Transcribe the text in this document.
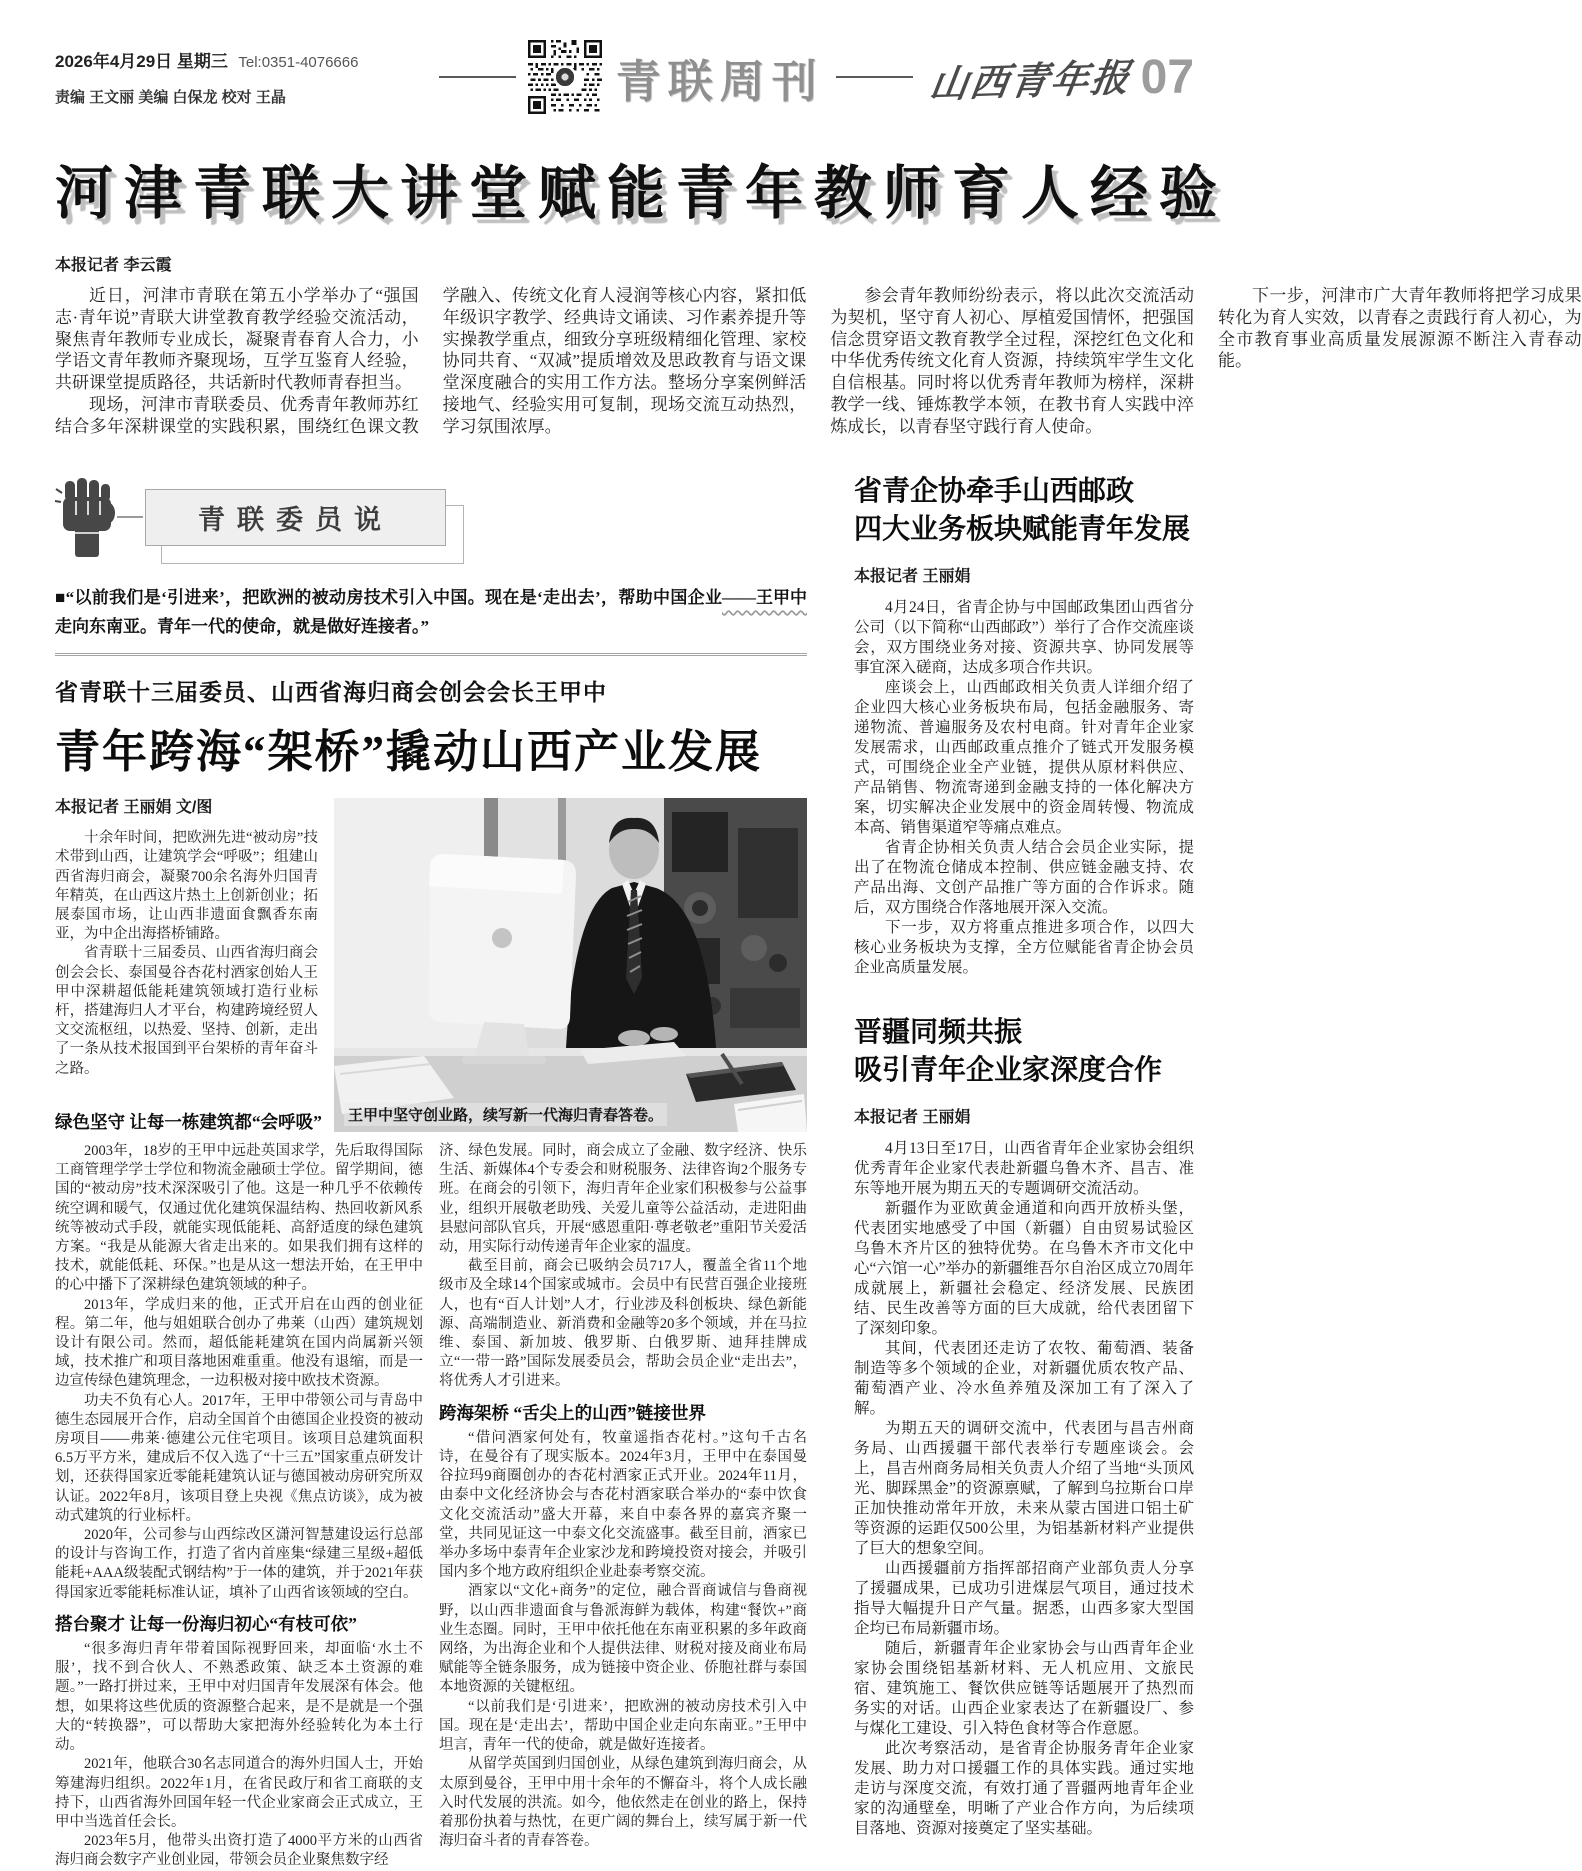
2026年4月29日 星期三 Tel:0351-4076666
责编 王文丽 美编 白保龙 校对 王晶	青联周刊	山西青年报 07
河津青联大讲堂赋能青年教师育人经验
本报记者 李云霞

近日，河津市青联在第五小学举办了“强国志·青年说”青联大讲堂教育教学经验交流活动，聚焦青年教师专业成长，凝聚青春育人合力，小学语文青年教师齐聚现场，互学互鉴育人经验，共研课堂提质路径，共话新时代教师青春担当。

现场，河津市青联委员、优秀青年教师苏红结合多年深耕课堂的实践积累，围绕红色课文教学融入、传统文化育人浸润等核心内容，紧扣低年级识字教学、经典诗文诵读、习作素养提升等实操教学重点，细致分享班级精细化管理、家校协同共育、“双减”提质增效及思政教育与语文课堂深度融合的实用工作方法。整场分享案例鲜活接地气、经验实用可复制，现场交流互动热烈，学习氛围浓厚。

参会青年教师纷纷表示，将以此次交流活动为契机，坚守育人初心、厚植爱国情怀，把强国信念贯穿语文教育教学全过程，深挖红色文化和中华优秀传统文化育人资源，持续筑牢学生文化自信根基。同时将以优秀青年教师为榜样，深耕教学一线、锤炼教学本领，在教书育人实践中淬炼成长，以青春坚守践行育人使命。

下一步，河津市广大青年教师将把学习成果转化为育人实效，以青春之责践行育人初心，为全市教育事业高质量发展源源不断注入青春动能。

青联委员说
——王甲中
■“以前我们是‘引进来’，把欧洲的被动房技术引入中国。现在是‘走出去’，帮助中国企业走向东南亚。青年一代的使命，就是做好连接者。”
省青联十三届委员、山西省海归商会创会会长王甲中
青年跨海“架桥”撬动山西产业发展
本报记者 王丽娟 文/图

十余年时间，把欧洲先进“被动房”技术带到山西，让建筑学会“呼吸”；组建山西省海归商会，凝聚700余名海外归国青年精英，在山西这片热土上创新创业；拓展泰国市场，让山西非遗面食飘香东南亚，为中企出海搭桥铺路。

省青联十三届委员、山西省海归商会创会会长、泰国曼谷杏花村酒家创始人王甲中深耕超低能耗建筑领域打造行业标杆，搭建海归人才平台，构建跨境经贸人文交流枢纽，以热爱、坚持、创新，走出了一条从技术报国到平台架桥的青年奋斗之路。

绿色坚守 让每一栋建筑都“会呼吸” 王甲中坚守创业路，续写新一代海归青春答卷。

2003年，18岁的王甲中远赴英国求学，先后取得国际工商管理学学士学位和物流金融硕士学位。留学期间，德国的“被动房”技术深深吸引了他。这是一种几乎不依赖传统空调和暖气，仅通过优化建筑保温结构、热回收新风系统等被动式手段，就能实现低能耗、高舒适度的绿色建筑方案。“我是从能源大省走出来的。如果我们拥有这样的技术，就能低耗、环保。”也是从这一想法开始，在王甲中的心中播下了深耕绿色建筑领域的种子。

2013年，学成归来的他，正式开启在山西的创业征程。第二年，他与姐姐联合创办了弗莱（山西）建筑规划设计有限公司。然而，超低能耗建筑在国内尚属新兴领域，技术推广和项目落地困难重重。他没有退缩，而是一边宣传绿色建筑理念，一边积极对接中欧技术资源。

功夫不负有心人。2017年，王甲中带领公司与青岛中德生态园展开合作，启动全国首个由德国企业投资的被动房项目——弗莱·德建公元住宅项目。该项目总建筑面积6.5万平方米，建成后不仅入选了“十三五”国家重点研发计划，还获得国家近零能耗建筑认证与德国被动房研究所双认证。2022年8月，该项目登上央视《焦点访谈》，成为被动式建筑的行业标杆。

2020年，公司参与山西综改区潇河智慧建设运行总部的设计与咨询工作，打造了省内首座集“绿建三星级+超低能耗+AAA级装配式钢结构”于一体的建筑，并于2021年获得国家近零能耗标准认证，填补了山西省该领域的空白。

搭台聚才 让每一份海归初心“有枝可依”

“很多海归青年带着国际视野回来，却面临‘水土不服’，找不到合伙人、不熟悉政策、缺乏本土资源的难题。”一路打拼过来，王甲中对归国青年发展深有体会。他想，如果将这些优质的资源整合起来，是不是就是一个强大的“转换器”，可以帮助大家把海外经验转化为本土行动。

2021年，他联合30名志同道合的海外归国人士，开始筹建海归组织。2022年1月，在省民政厅和省工商联的支持下，山西省海外回国年轻一代企业家商会正式成立，王甲中当选首任会长。

2023年5月，他带头出资打造了4000平方米的山西省海归商会数字产业创业园，带领会员企业聚焦数字经

济、绿色发展。同时，商会成立了金融、数字经济、快乐生活、新媒体4个专委会和财税服务、法律咨询2个服务专班。在商会的引领下，海归青年企业家们积极参与公益事业，组织开展敬老助残、关爱儿童等公益活动，走进阳曲县慰问部队官兵，开展“感恩重阳·尊老敬老”重阳节关爱活动，用实际行动传递青年企业家的温度。

截至目前，商会已吸纳会员717人，覆盖全省11个地级市及全球14个国家或城市。会员中有民营百强企业接班人，也有“百人计划”人才，行业涉及科创板块、绿色新能源、高端制造业、新消费和金融等20多个领域，并在马拉维、泰国、新加坡、俄罗斯、白俄罗斯、迪拜挂牌成立“一带一路”国际发展委员会，帮助会员企业“走出去”，将优秀人才引进来。

跨海架桥 “舌尖上的山西”链接世界

“借问酒家何处有，牧童遥指杏花村。”这句千古名诗，在曼谷有了现实版本。2024年3月，王甲中在泰国曼谷拉玛9商圈创办的杏花村酒家正式开业。2024年11月，由泰中文化经济协会与杏花村酒家联合举办的“泰中饮食文化交流活动”盛大开幕，来自中泰各界的嘉宾齐聚一堂，共同见证这一中泰文化交流盛事。截至目前，酒家已举办多场中泰青年企业家沙龙和跨境投资对接会，并吸引国内多个地方政府组织企业赴泰考察交流。

酒家以“文化+商务”的定位，融合晋商诚信与鲁商视野，以山西非遗面食与鲁派海鲜为载体，构建“餐饮+”商业生态圈。同时，王甲中依托他在东南亚积累的多年政商网络，为出海企业和个人提供法律、财税对接及商业布局赋能等全链条服务，成为链接中资企业、侨胞社群与泰国本地资源的关键枢纽。

“以前我们是‘引进来’，把欧洲的被动房技术引入中国。现在是‘走出去’，帮助中国企业走向东南亚。”王甲中坦言，青年一代的使命，就是做好连接者。

从留学英国到归国创业，从绿色建筑到海归商会，从太原到曼谷，王甲中用十余年的不懈奋斗，将个人成长融入时代发展的洪流。如今，他依然走在创业的路上，保持着那份执着与热忱，在更广阔的舞台上，续写属于新一代海归奋斗者的青春答卷。

省青企协牵手山西邮政
四大业务板块赋能青年发展
本报记者 王丽娟

4月24日，省青企协与中国邮政集团山西省分公司（以下简称“山西邮政”）举行了合作交流座谈会，双方围绕业务对接、资源共享、协同发展等事宜深入磋商，达成多项合作共识。

座谈会上，山西邮政相关负责人详细介绍了企业四大核心业务板块布局，包括金融服务、寄递物流、普遍服务及农村电商。针对青年企业家发展需求，山西邮政重点推介了链式开发服务模式，可围绕企业全产业链，提供从原材料供应、产品销售、物流寄递到金融支持的一体化解决方案，切实解决企业发展中的资金周转慢、物流成本高、销售渠道窄等痛点难点。

省青企协相关负责人结合会员企业实际，提出了在物流仓储成本控制、供应链金融支持、农产品出海、文创产品推广等方面的合作诉求。随后，双方围绕合作落地展开深入交流。

下一步，双方将重点推进多项合作，以四大核心业务板块为支撑，全方位赋能省青企协会员企业高质量发展。

晋疆同频共振
吸引青年企业家深度合作
本报记者 王丽娟

4月13日至17日，山西省青年企业家协会组织优秀青年企业家代表赴新疆乌鲁木齐、昌吉、准东等地开展为期五天的专题调研交流活动。

新疆作为亚欧黄金通道和向西开放桥头堡，代表团实地感受了中国（新疆）自由贸易试验区乌鲁木齐片区的独特优势。在乌鲁木齐市文化中心“六馆一心”举办的新疆维吾尔自治区成立70周年成就展上，新疆社会稳定、经济发展、民族团结、民生改善等方面的巨大成就，给代表团留下了深刻印象。

其间，代表团还走访了农牧、葡萄酒、装备制造等多个领域的企业，对新疆优质农牧产品、葡萄酒产业、冷水鱼养殖及深加工有了深入了解。

为期五天的调研交流中，代表团与昌吉州商务局、山西援疆干部代表举行专题座谈会。会上，昌吉州商务局相关负责人介绍了当地“头顶风光、脚踩黑金”的资源禀赋，了解到乌拉斯台口岸正加快推动常年开放，未来从蒙古国进口铝土矿等资源的运距仅500公里，为铝基新材料产业提供了巨大的想象空间。

山西援疆前方指挥部招商产业部负责人分享了援疆成果，已成功引进煤层气项目，通过技术指导大幅提升日产气量。据悉，山西多家大型国企均已布局新疆市场。

随后，新疆青年企业家协会与山西青年企业家协会围绕铝基新材料、无人机应用、文旅民宿、建筑施工、餐饮供应链等话题展开了热烈而务实的对话。山西企业家表达了在新疆设厂、参与煤化工建设、引入特色食材等合作意愿。

此次考察活动，是省青企协服务青年企业家发展、助力对口援疆工作的具体实践。通过实地走访与深度交流，有效打通了晋疆两地青年企业家的沟通壁垒，明晰了产业合作方向，为后续项目落地、资源对接奠定了坚实基础。
